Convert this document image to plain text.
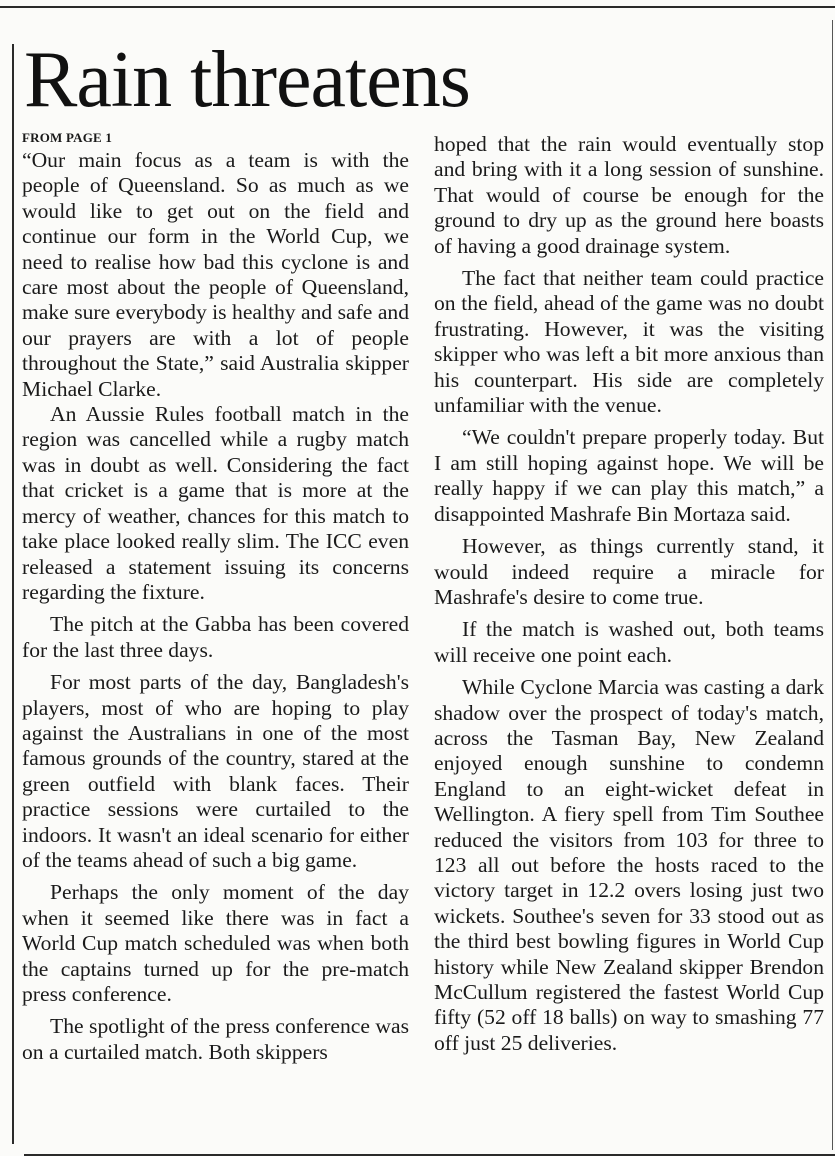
Rain threatens
FROM PAGE 1

“Our main focus as a team is with the people of Queensland. So as much as we would like to get out on the field and continue our form in the World Cup, we need to realise how bad this cyclone is and care most about the people of Queensland, make sure everybody is healthy and safe and our prayers are with a lot of people throughout the State,” said Australia skipper Michael Clarke.

An Aussie Rules football match in the region was cancelled while a rugby match was in doubt as well. Considering the fact that cricket is a game that is more at the mercy of weather, chances for this match to take place looked really slim. The ICC even released a statement issuing its concerns regarding the fixture.

The pitch at the Gabba has been covered for the last three days.

For most parts of the day, Bangladesh's players, most of who are hoping to play against the Australians in one of the most famous grounds of the country, stared at the green outfield with blank faces. Their practice sessions were curtailed to the indoors. It wasn't an ideal scenario for either of the teams ahead of such a big game.

Perhaps the only moment of the day when it seemed like there was in fact a World Cup match scheduled was when both the captains turned up for the pre-match press conference.

The spotlight of the press conference was on a curtailed match. Both skippers

hoped that the rain would eventually stop and bring with it a long session of sunshine. That would of course be enough for the ground to dry up as the ground here boasts of having a good drainage system.

The fact that neither team could practice on the field, ahead of the game was no doubt frustrating. However, it was the visiting skipper who was left a bit more anxious than his counterpart. His side are completely unfamiliar with the venue.

“We couldn't prepare properly today. But I am still hoping against hope. We will be really happy if we can play this match,” a disappointed Mashrafe Bin Mortaza said.

However, as things currently stand, it would indeed require a miracle for Mashrafe's desire to come true.

If the match is washed out, both teams will receive one point each.

While Cyclone Marcia was casting a dark shadow over the prospect of today's match, across the Tasman Bay, New Zealand enjoyed enough sunshine to condemn England to an eight-wicket defeat in Wellington. A fiery spell from Tim Southee reduced the visitors from 103 for three to 123 all out before the hosts raced to the victory target in 12.2 overs losing just two wickets. Southee's seven for 33 stood out as the third best bowling figures in World Cup history while New Zealand skipper Brendon McCullum registered the fastest World Cup fifty (52 off 18 balls) on way to smashing 77 off just 25 deliveries.
